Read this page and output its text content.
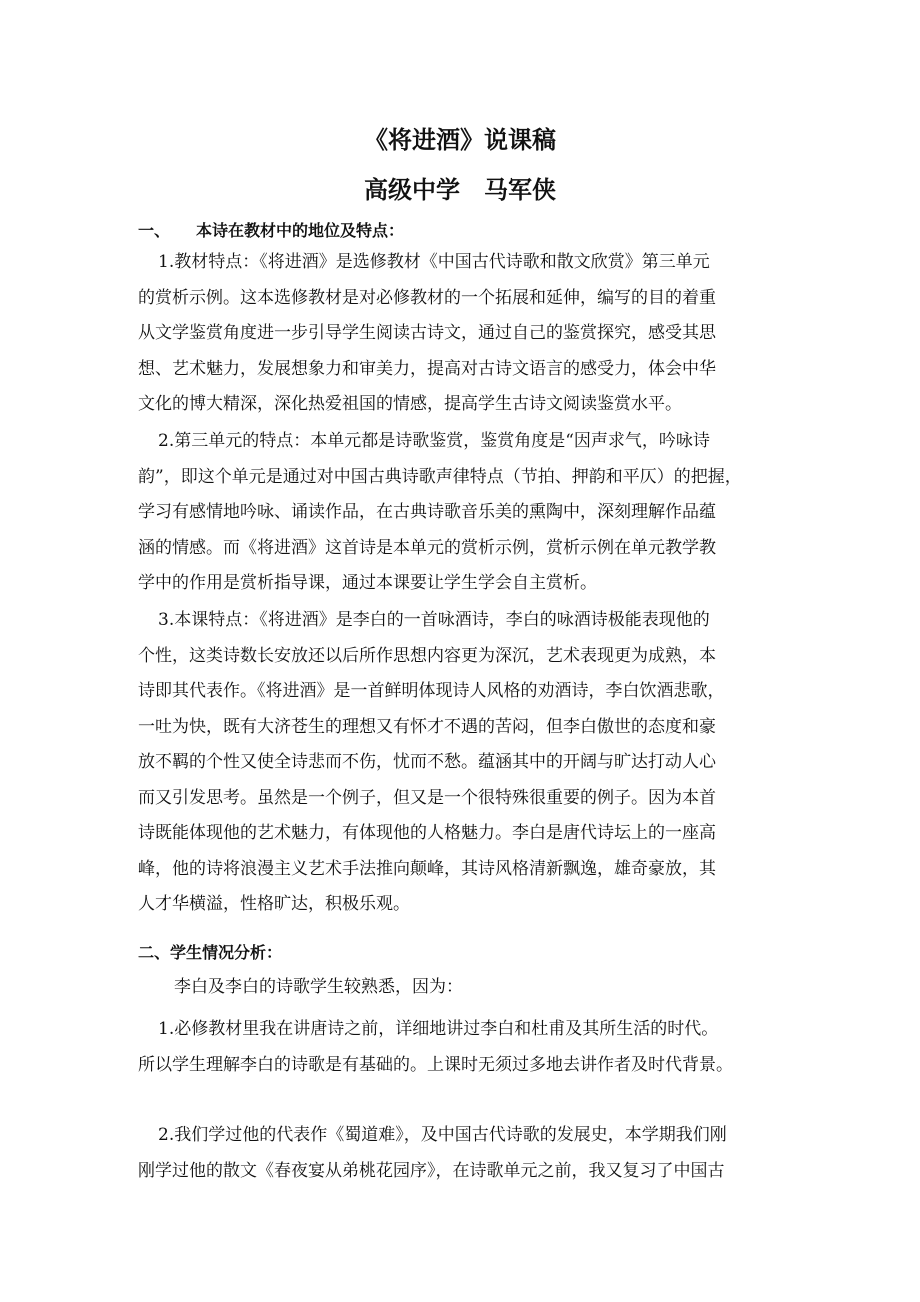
《将进酒》说课稿
高级中学　马军侠
一、 本诗在教材中的地位及特点：
1.教材特点：《将进酒》是选修教材《中国古代诗歌和散文欣赏》第三单元
的赏析示例。这本选修教材是对必修教材的一个拓展和延伸，编写的目的着重
从文学鉴赏角度进一步引导学生阅读古诗文，通过自己的鉴赏探究，感受其思
想、艺术魅力，发展想象力和审美力，提高对古诗文语言的感受力，体会中华
文化的博大精深，深化热爱祖国的情感，提高学生古诗文阅读鉴赏水平。
2.第三单元的特点：本单元都是诗歌鉴赏，鉴赏角度是“因声求气，吟咏诗
韵”，即这个单元是通过对中国古典诗歌声律特点（节拍、押韵和平仄）的把握，
学习有感情地吟咏、诵读作品，在古典诗歌音乐美的熏陶中，深刻理解作品蕴
涵的情感。而《将进酒》这首诗是本单元的赏析示例，赏析示例在单元教学教
学中的作用是赏析指导课，通过本课要让学生学会自主赏析。
3.本课特点：《将进酒》是李白的一首咏酒诗，李白的咏酒诗极能表现他的
个性，这类诗数长安放还以后所作思想内容更为深沉，艺术表现更为成熟，本
诗即其代表作。《将进酒》是一首鲜明体现诗人风格的劝酒诗，李白饮酒悲歌，
一吐为快，既有大济苍生的理想又有怀才不遇的苦闷，但李白傲世的态度和豪
放不羁的个性又使全诗悲而不伤，忧而不愁。蕴涵其中的开阔与旷达打动人心
而又引发思考。虽然是一个例子，但又是一个很特殊很重要的例子。因为本首
诗既能体现他的艺术魅力，有体现他的人格魅力。李白是唐代诗坛上的一座高
峰，他的诗将浪漫主义艺术手法推向颠峰，其诗风格清新飘逸，雄奇豪放，其
人才华横溢，性格旷达，积极乐观。
二、学生情况分析：
李白及李白的诗歌学生较熟悉，因为：
1.必修教材里我在讲唐诗之前，详细地讲过李白和杜甫及其所生活的时代。
所以学生理解李白的诗歌是有基础的。上课时无须过多地去讲作者及时代背景。
2.我们学过他的代表作《蜀道难》，及中国古代诗歌的发展史，本学期我们刚
刚学过他的散文《春夜宴从弟桃花园序》，在诗歌单元之前，我又复习了中国古
